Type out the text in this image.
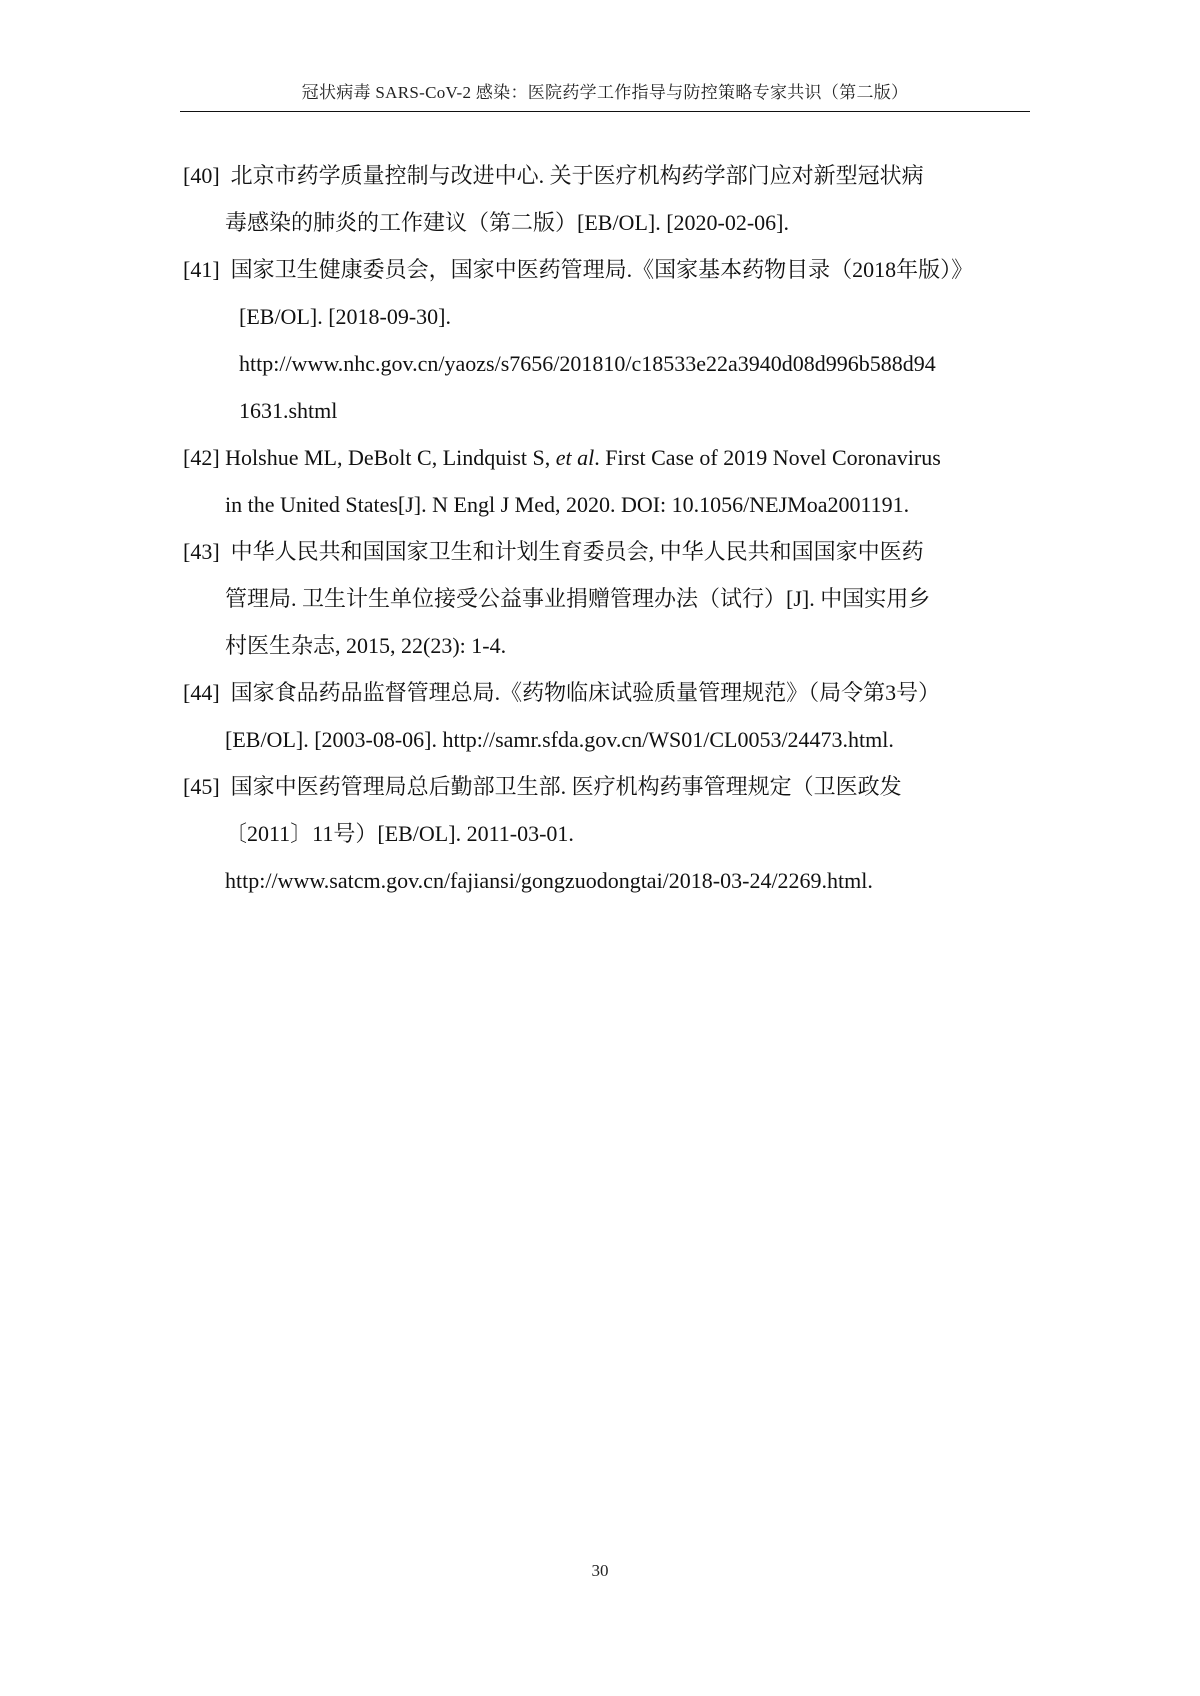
冠状病毒 SARS-CoV-2 感染：医院药学工作指导与防控策略专家共识（第二版）
[40] 北京市药学质量控制与改进中心. 关于医疗机构药学部门应对新型冠状病
毒感染的肺炎的工作建议（第二版）[EB/OL]. [2020-02-06].
[41] 国家卫生健康委员会，国家中医药管理局.《国家基本药物目录（2018年版）》
[EB/OL]. [2018-09-30].
http://www.nhc.gov.cn/yaozs/s7656/201810/c18533e22a3940d08d996b588d94
1631.shtml
[42] Holshue ML, DeBolt C, Lindquist S, et al. First Case of 2019 Novel Coronavirus
in the United States[J]. N Engl J Med, 2020. DOI: 10.1056/NEJMoa2001191.
[43] 中华人民共和国国家卫生和计划生育委员会, 中华人民共和国国家中医药
管理局. 卫生计生单位接受公益事业捐赠管理办法（试行）[J]. 中国实用乡
村医生杂志, 2015, 22(23): 1-4.
[44] 国家食品药品监督管理总局.《药物临床试验质量管理规范》（局令第3号）
[EB/OL]. [2003-08-06]. http://samr.sfda.gov.cn/WS01/CL0053/24473.html.
[45] 国家中医药管理局总后勤部卫生部. 医疗机构药事管理规定（卫医政发
〔2011〕11号）[EB/OL]. 2011-03-01.
http://www.satcm.gov.cn/fajiansi/gongzuodongtai/2018-03-24/2269.html.
30
